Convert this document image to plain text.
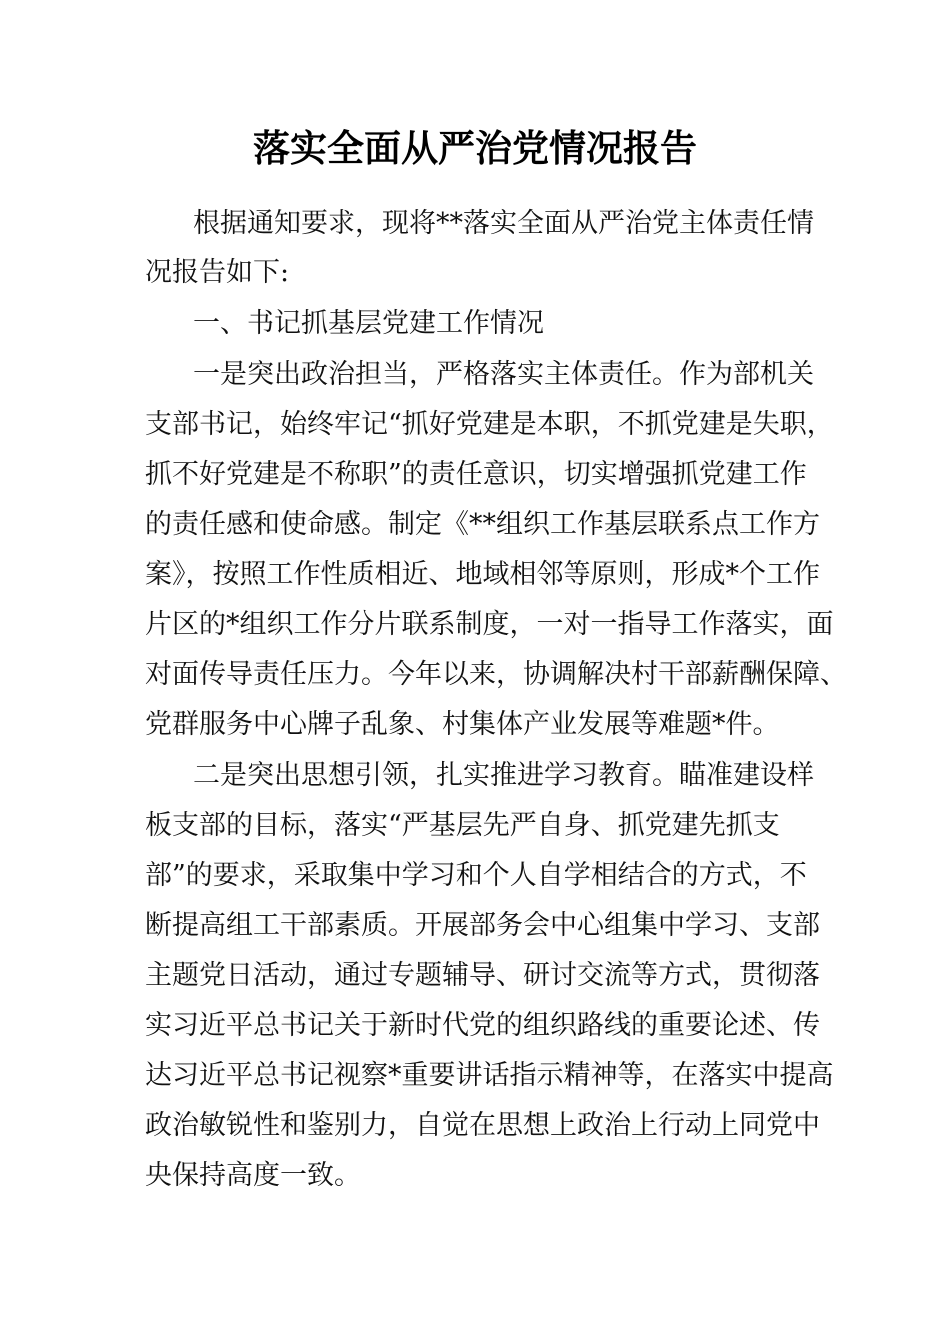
落实全面从严治党情况报告
根据通知要求，现将**落实全面从严治党主体责任情
况报告如下:
一、书记抓基层党建工作情况
一是突出政治担当，严格落实主体责任。作为部机关
支部书记，始终牢记“抓好党建是本职，不抓党建是失职，
抓不好党建是不称职”的责任意识，切实增强抓党建工作
的责任感和使命感。制定《**组织工作基层联系点工作方
案》，按照工作性质相近、地域相邻等原则，形成*个工作
片区的*组织工作分片联系制度，一对一指导工作落实，面
对面传导责任压力。今年以来，协调解决村干部薪酬保障、
党群服务中心牌子乱象、村集体产业发展等难题*件。
二是突出思想引领，扎实推进学习教育。瞄准建设样
板支部的目标，落实“严基层先严自身、抓党建先抓支
部”的要求，采取集中学习和个人自学相结合的方式，不
断提高组工干部素质。开展部务会中心组集中学习、支部
主题党日活动，通过专题辅导、研讨交流等方式，贯彻落
实习近平总书记关于新时代党的组织路线的重要论述、传
达习近平总书记视察*重要讲话指示精神等，在落实中提高
政治敏锐性和鉴别力，自觉在思想上政治上行动上同党中
央保持高度一致。
